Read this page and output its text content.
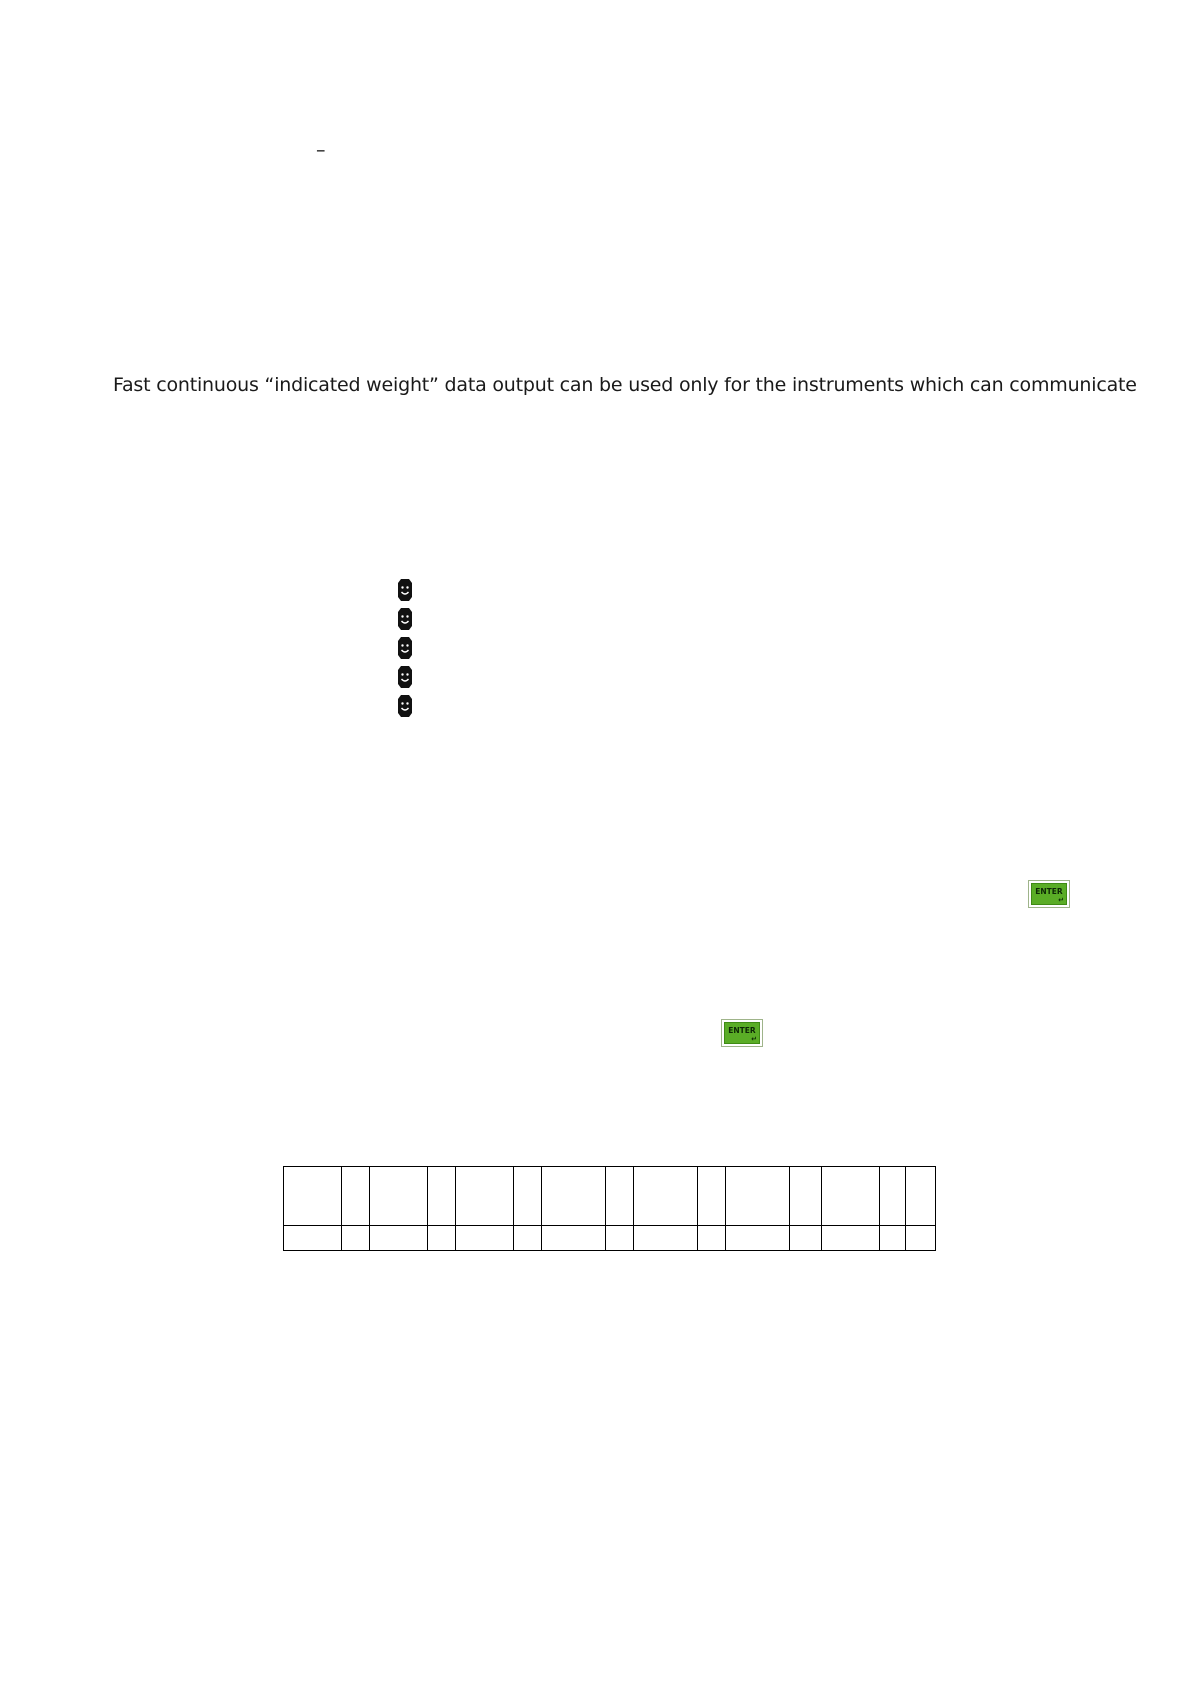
–
Fast continuous “indicated weight” data output can be used only for the instruments which can communicate
ENTER
↵
ENTER
↵
